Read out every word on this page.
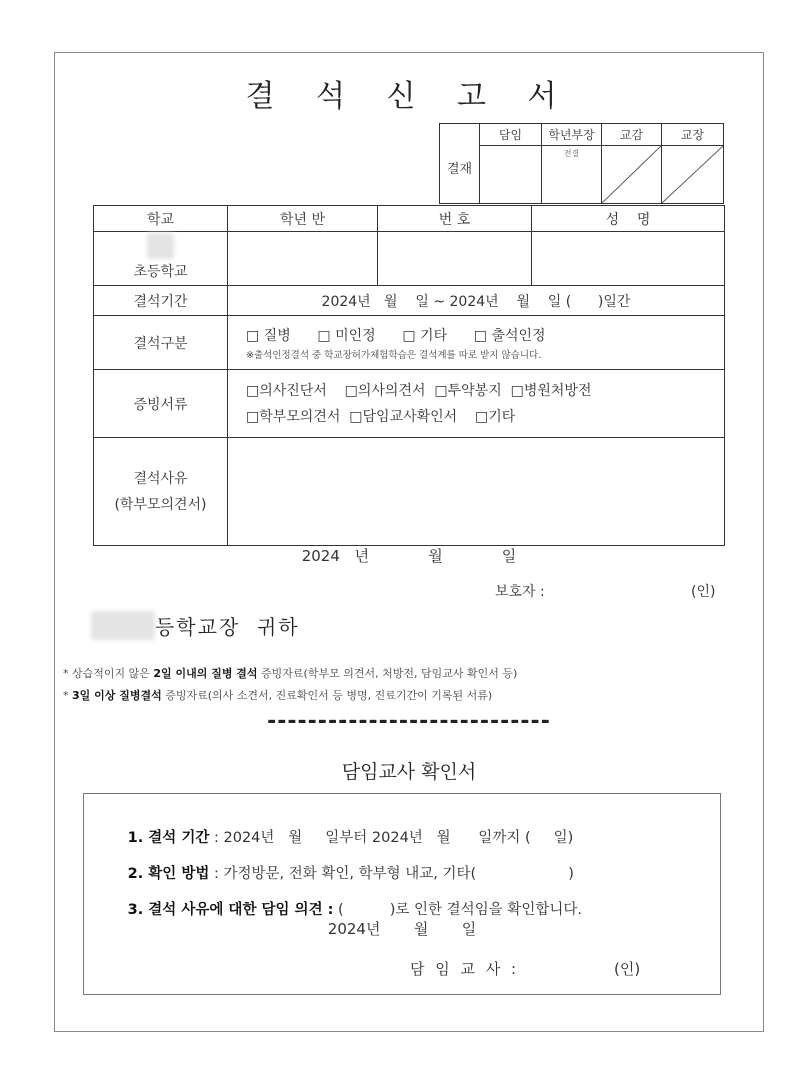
결 석 신 고 서
결재	담임	학년부장	교감	교장

		전결

학교	학년 반	번 호	성    명

초등학교			

결석기간	2024년   월    일 ~ 2024년    월    일 (      )일간		
결석구분	□ 질병      □ 미인정      □ 기타      □ 출석인정
※출석인정결석 중 학교장허가체험학습은 결석계를 따로 받지 않습니다.		

증빙서류	□의사진단서    □의사의견서  □투약봉지  □병원처방전
□학부모의견서  □담임교사확인서    □기타		

결석사유
(학부모의견서)			

2024 년    월    일
보호자 :	(인)
등학교장  귀하
* 상습적이지 않은 2일 이내의 질병 결석 증빙자료(학부모 의견서, 처방전, 담임교사 확인서 등)
* 3일 이상 질병결석 증빙자료(의사 소견서, 진료확인서 등 병명, 진료기간이 기록된 서류)
----------------------------
담임교사 확인서

1. 결석 기간 : 2024년   월     일부터 2024년   월      일까지 (     일)

2. 확인 방법 : 가정방문, 전화 확인, 학부형 내교, 기타(                    )

3. 결석 사유에 대한 담임 의견 : (          )로 인한 결석임을 확인합니다.

2024년       월       일
담 임 교 사 :	(인)
